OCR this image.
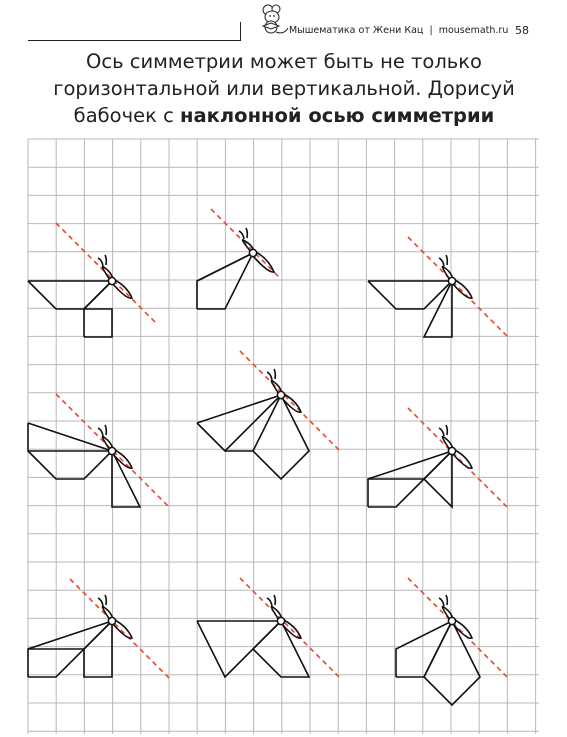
Мышематика от Жени Кац | mousemath.ru 58
Ось симметрии может быть не только
горизонтальной или вертикальной. Дорисуй
бабочек с наклонной осью симметрии
